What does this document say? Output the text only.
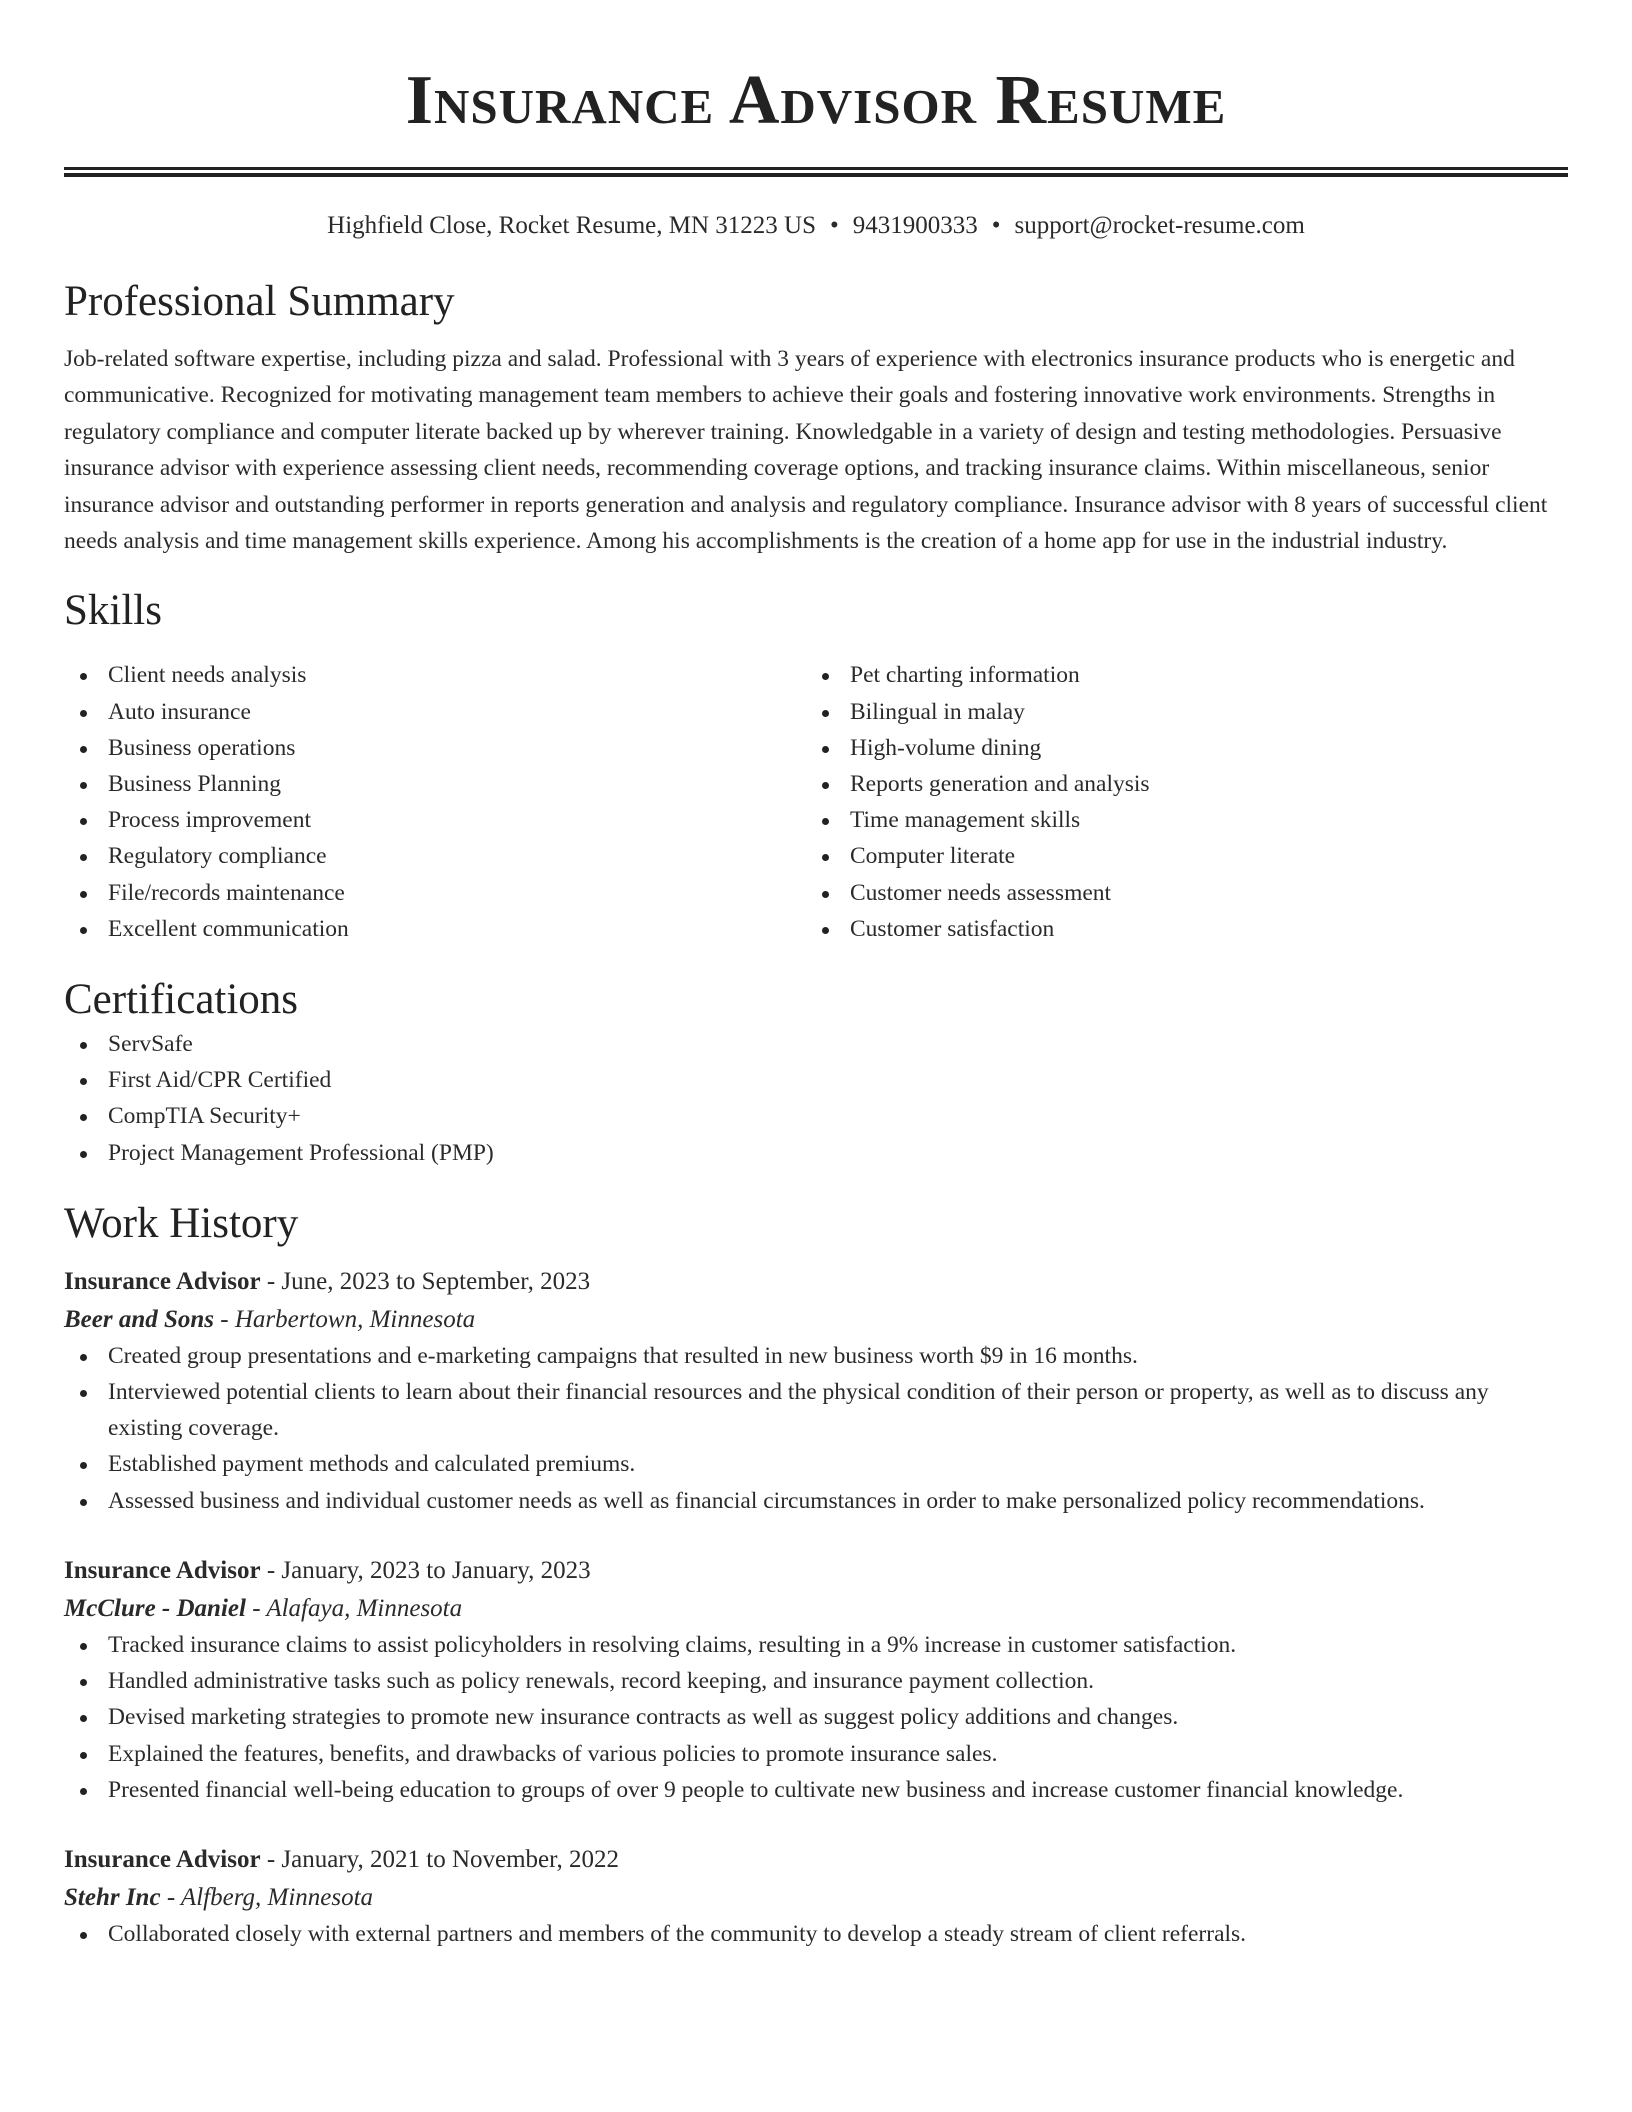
Insurance Advisor Resume
Highfield Close, Rocket Resume, MN 31223 US • 9431900333 • support@rocket-resume.com
Professional Summary

Job-related software expertise, including pizza and salad. Professional with 3 years of experience with electronics insurance products who is energetic and communicative. Recognized for motivating management team members to achieve their goals and fostering innovative work environments. Strengths in regulatory compliance and computer literate backed up by wherever training. Knowledgable in a variety of design and testing methodologies. Persuasive insurance advisor with experience assessing client needs, recommending coverage options, and tracking insurance claims. Within miscellaneous, senior insurance advisor and outstanding performer in reports generation and analysis and regulatory compliance. Insurance advisor with 8 years of successful client needs analysis and time management skills experience. Among his accomplishments is the creation of a home app for use in the industrial industry.

Skills
Client needs analysis
Auto insurance
Business operations
Business Planning
Process improvement
Regulatory compliance
File/records maintenance
Excellent communication
Pet charting information
Bilingual in malay
High-volume dining
Reports generation and analysis
Time management skills
Computer literate
Customer needs assessment
Customer satisfaction
Certifications
ServSafe
First Aid/CPR Certified
CompTIA Security+
Project Management Professional (PMP)
Work History
Insurance Advisor - June, 2023 to September, 2023
Beer and Sons - Harbertown, Minnesota
Created group presentations and e-marketing campaigns that resulted in new business worth $9 in 16 months.
Interviewed potential clients to learn about their financial resources and the physical condition of their person or property, as well as to discuss any existing coverage.
Established payment methods and calculated premiums.
Assessed business and individual customer needs as well as financial circumstances in order to make personalized policy recommendations.
Insurance Advisor - January, 2023 to January, 2023
McClure - Daniel - Alafaya, Minnesota
Tracked insurance claims to assist policyholders in resolving claims, resulting in a 9% increase in customer satisfaction.
Handled administrative tasks such as policy renewals, record keeping, and insurance payment collection.
Devised marketing strategies to promote new insurance contracts as well as suggest policy additions and changes.
Explained the features, benefits, and drawbacks of various policies to promote insurance sales.
Presented financial well-being education to groups of over 9 people to cultivate new business and increase customer financial knowledge.
Insurance Advisor - January, 2021 to November, 2022
Stehr Inc - Alfberg, Minnesota
Collaborated closely with external partners and members of the community to develop a steady stream of client referrals.
